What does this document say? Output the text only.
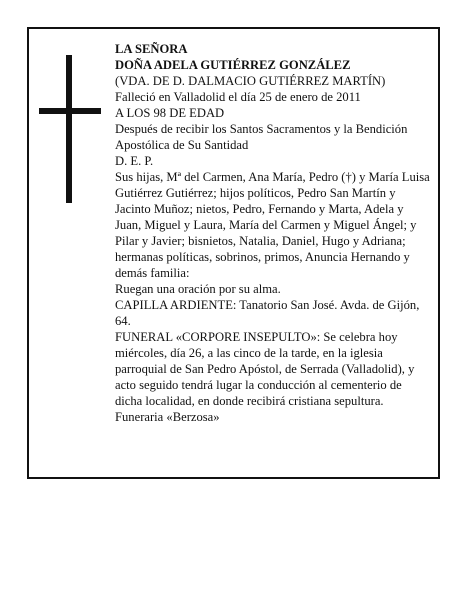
LA SEÑORA

DOÑA ADELA GUTIÉRREZ GONZÁLEZ

(VDA. DE D. DALMACIO GUTIÉRREZ MARTÍN)

Falleció en Valladolid el día 25 de enero de 2011

A LOS 98 DE EDAD

Después de recibir los Santos Sacramentos y la Bendición Apostólica de Su Santidad

D. E. P.

Sus hijas, Mª del Carmen, Ana María, Pedro (†) y María Luisa Gutiérrez Gutiérrez; hijos políticos, Pedro San Martín y Jacinto Muñoz; nietos, Pedro, Fernando y Marta, Adela y Juan, Miguel y Laura, María del Carmen y Miguel Ángel; y Pilar y Javier; bisnietos, Natalia, Daniel, Hugo y Adriana; hermanas políticas, sobrinos, primos, Anuncia Hernando y demás familia:

Ruegan una oración por su alma.

CAPILLA ARDIENTE: Tanatorio San José. Avda. de Gijón, 64.

FUNERAL «CORPORE INSEPULTO»: Se celebra hoy miércoles, día 26, a las cinco de la tarde, en la iglesia parroquial de San Pedro Apóstol, de Serrada (Valladolid), y acto seguido tendrá lugar la conducción al cementerio de dicha localidad, en donde recibirá cristiana sepultura.

Funeraria «Berzosa»
